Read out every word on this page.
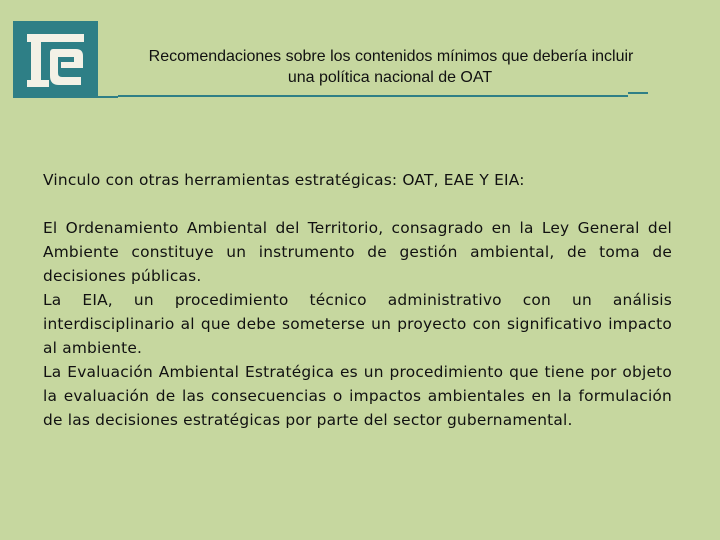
Recomendaciones sobre los contenidos mínimos que debería incluir
una política nacional de OAT

Vinculo con otras herramientas estratégicas: OAT, EAE Y EIA:

El Ordenamiento Ambiental del Territorio, consagrado en la Ley General del Ambiente constituye un instrumento de gestión ambiental, de toma de decisiones públicas.

La EIA, un procedimiento técnico administrativo con un análisis interdisciplinario al que debe someterse un proyecto con significativo impacto al ambiente.

La Evaluación Ambiental Estratégica es un procedimiento que tiene por objeto la evaluación de las consecuencias o impactos ambientales en la formulación de las decisiones estratégicas por parte del sector gubernamental.
